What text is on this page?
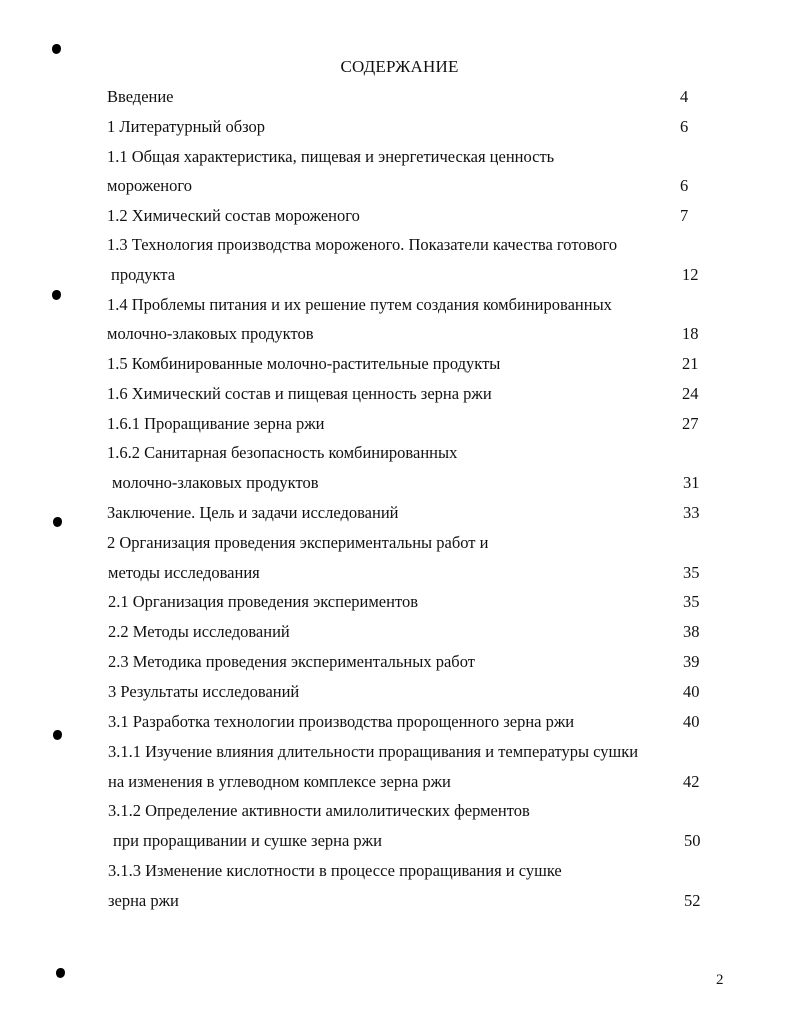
СОДЕРЖАНИЕ
Введение	4
1 Литературный обзор	6
1.1 Общая характеристика, пищевая и энергетическая ценность
мороженого	6
1.2 Химический состав мороженого	7
1.3 Технология производства мороженого. Показатели качества готового
продукта	12
1.4 Проблемы питания и их решение путем создания комбинированных
молочно-злаковых продуктов	18
1.5 Комбинированные молочно-растительные продукты	21
1.6 Химический состав и пищевая ценность зерна ржи	24
1.6.1 Проращивание зерна ржи	27
1.6.2 Санитарная безопасность комбинированных
молочно-злаковых продуктов	31
Заключение. Цель и задачи исследований	33
2 Организация проведения экспериментальны работ и
методы исследования	35
2.1 Организация проведения экспериментов	35
2.2 Методы исследований	38
2.3 Методика проведения экспериментальных работ	39
3 Результаты исследований	40
3.1 Разработка технологии производства пророщенного зерна ржи	40
3.1.1 Изучение влияния длительности проращивания и температуры сушки
на изменения в углеводном комплексе зерна ржи	42
3.1.2 Определение активности амилолитических ферментов
при проращивании и сушке зерна ржи	50
3.1.3 Изменение кислотности в процессе проращивания и сушке
зерна ржи	52
2
